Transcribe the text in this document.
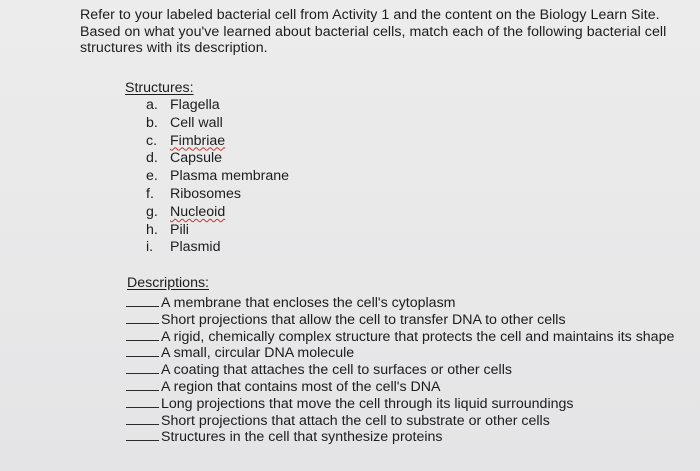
Refer to your labeled bacterial cell from Activity 1 and the content on the Biology Learn Site. Based on what you've learned about bacterial cells, match each of the following bacterial cell structures with its description.
Structures:
a. Flagella
b. Cell wall
c. Fimbriae
d. Capsule
e. Plasma membrane
f.	Ribosomes
g. Nucleoid
h. Pili
i.	Plasmid
Descriptions:
A membrane that encloses the cell's cytoplasm
Short projections that allow the cell to transfer DNA to other cells
A rigid, chemically complex structure that protects the cell and maintains its shape
A small, circular DNA molecule
A coating that attaches the cell to surfaces or other cells
A region that contains most of the cell's DNA
Long projections that move the cell through its liquid surroundings
Short projections that attach the cell to substrate or other cells
Structures in the cell that synthesize proteins
